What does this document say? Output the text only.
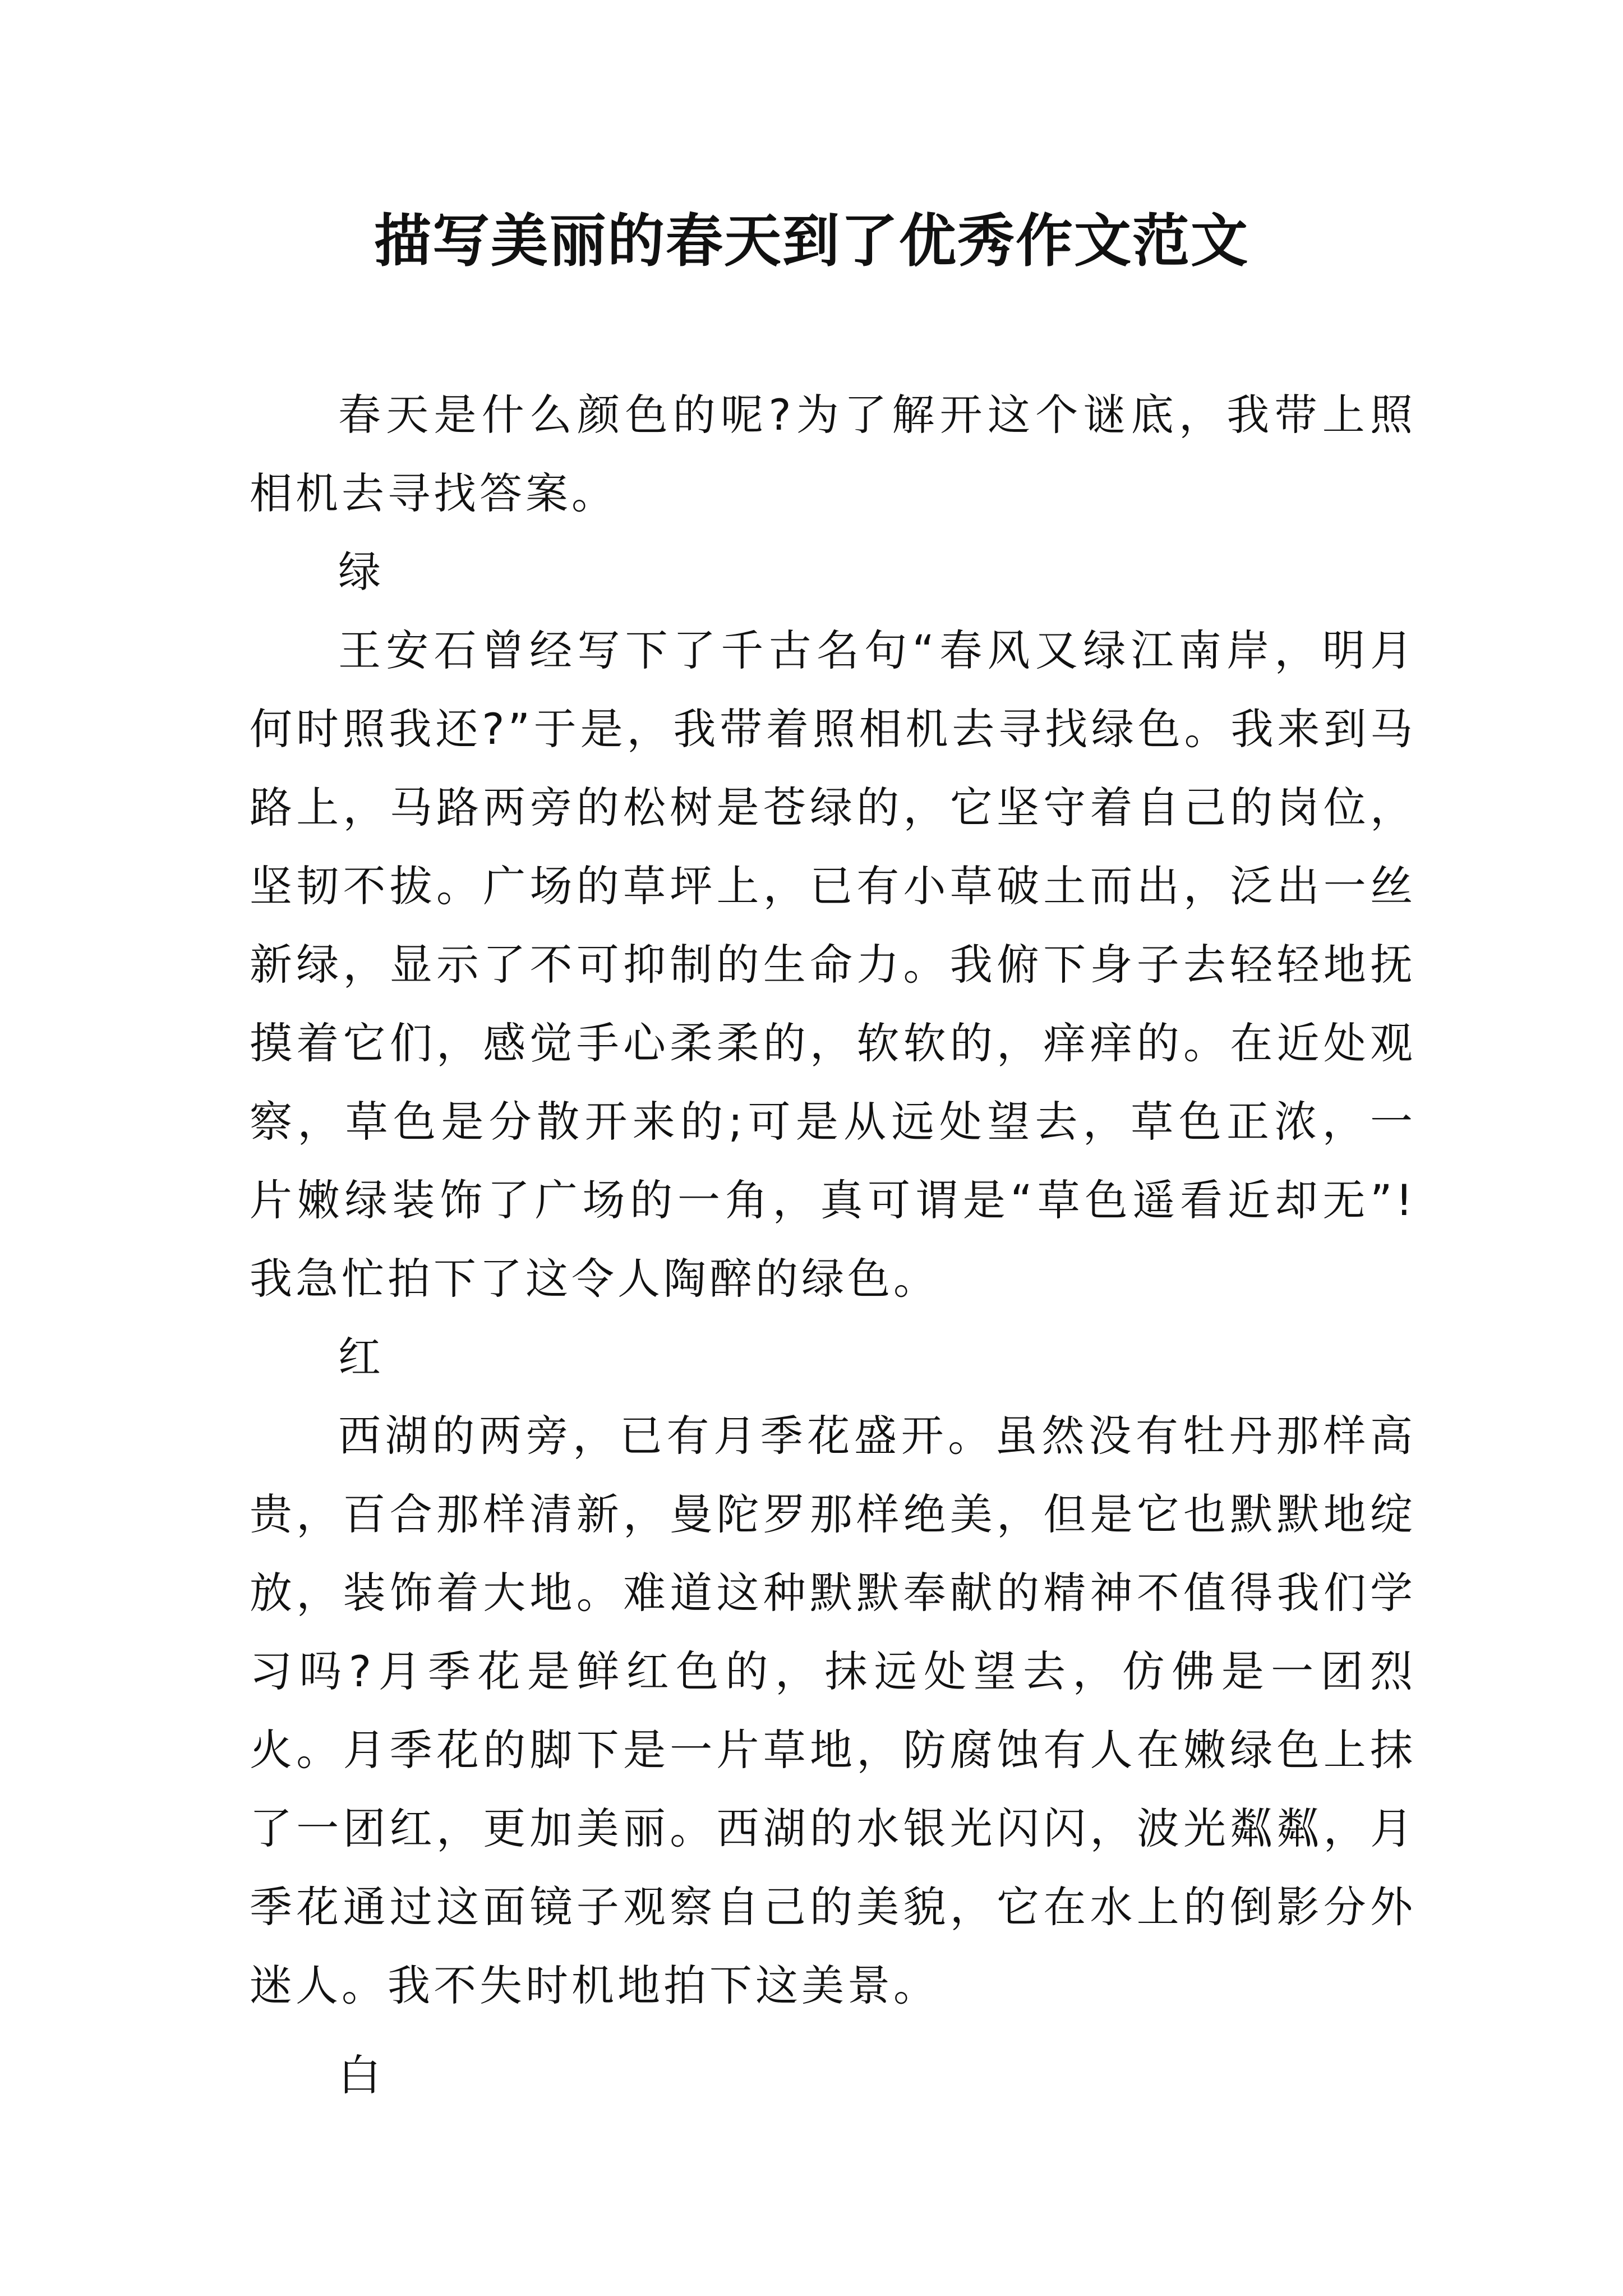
描写美丽的春天到了优秀作文范文

春天是什么颜色的呢?为了解开这个谜底，我带上照相机去寻找答案。

绿

王安石曾经写下了千古名句“春风又绿江南岸，明月何时照我还?”于是，我带着照相机去寻找绿色。我来到马路上，马路两旁的松树是苍绿的，它坚守着自己的岗位，坚韧不拔。广场的草坪上，已有小草破土而出，泛出一丝新绿，显示了不可抑制的生命力。我俯下身子去轻轻地抚摸着它们，感觉手心柔柔的，软软的，痒痒的。在近处观察，草色是分散开来的;可是从远处望去，草色正浓，一片嫩绿装饰了广场的一角，真可谓是“草色遥看近却无”!我急忙拍下了这令人陶醉的绿色。

红

西湖的两旁，已有月季花盛开。虽然没有牡丹那样高贵，百合那样清新，曼陀罗那样绝美，但是它也默默地绽放，装饰着大地。难道这种默默奉献的精神不值得我们学习吗?月季花是鲜红色的，抹远处望去，仿佛是一团烈火。月季花的脚下是一片草地，防腐蚀有人在嫩绿色上抹了一团红，更加美丽。西湖的水银光闪闪，波光粼粼，月季花通过这面镜子观察自己的美貌，它在水上的倒影分外迷人。我不失时机地拍下这美景。

白
